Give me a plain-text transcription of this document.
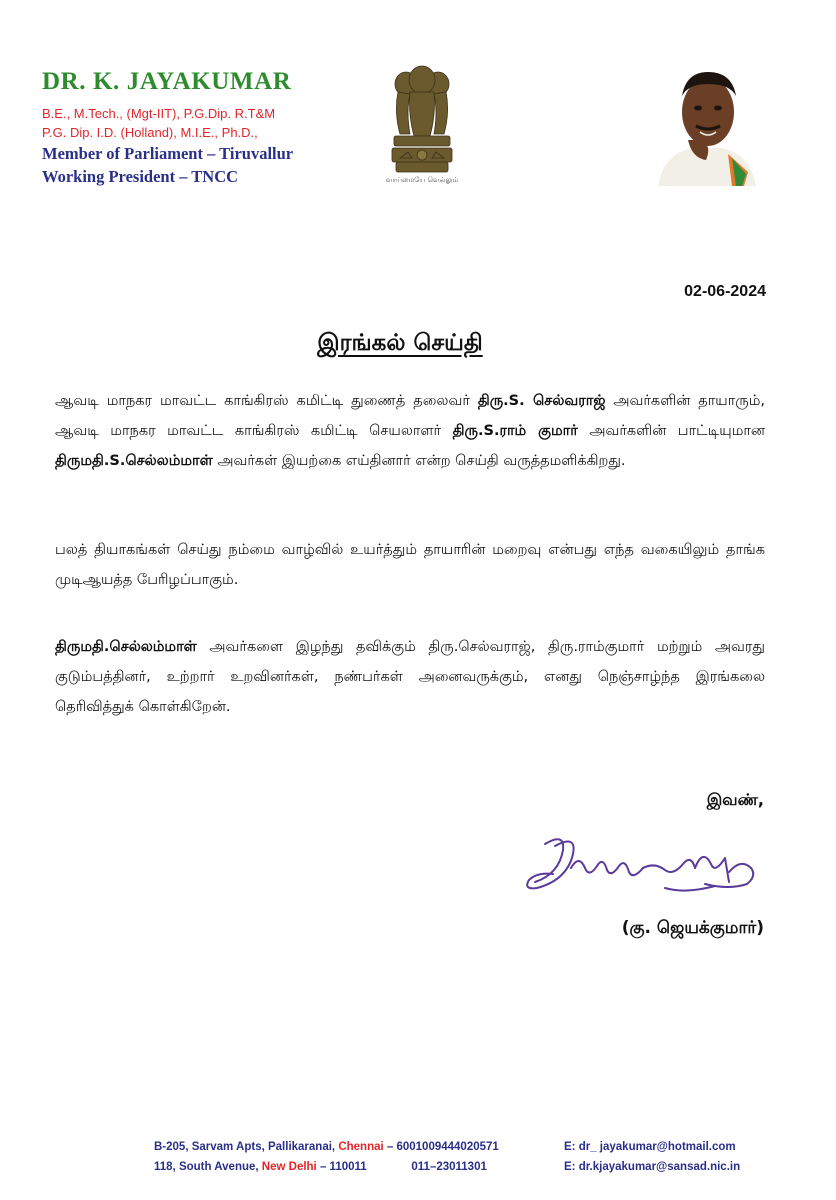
DR. K. JAYAKUMAR
B.E., M.Tech., (Mgt-IIT), P.G.Dip. R.T&M
P.G. Dip. I.D. (Holland), M.I.E., Ph.D.,
Member of Parliament – Tiruvallur
Working President – TNCC	வாய்மையே வெல்லும்
02-06-2024
இரங்கல் செய்தி
ஆவடி மாநகர மாவட்ட காங்கிரஸ் கமிட்டி துணைத் தலைவர் திரு.S. செல்வராஜ் அவர்களின் தாயாரும், ஆவடி மாநகர மாவட்ட காங்கிரஸ் கமிட்டி செயலாளர் திரு.S.ராம் குமார் அவர்களின் பாட்டியுமான திருமதி.S.செல்லம்மாள் அவர்கள் இயற்கை எய்தினார் என்ற செய்தி வருத்தமளிக்கிறது.
பலத் தியாகங்கள் செய்து நம்மை வாழ்வில் உயர்த்தும் தாயாரின் மறைவு என்பது எந்த வகையிலும் தாங்க முடிஆயத்த பேரிழப்பாகும்.
திருமதி.செல்லம்மாள் அவர்களை இழந்து தவிக்கும் திரு.செல்வராஜ், திரு.ராம்குமார் மற்றும் அவரது குடும்பத்தினர், உற்றார் உறவினர்கள், நண்பர்கள் அனைவருக்கும், எனது நெஞ்சாழ்ந்த இரங்கலை தெரிவித்துக் கொள்கிறேன்.
இவண்,
(கு. ஜெயக்குமார்)
B-205, Sarvam Apts, Pallikaranai, Chennai – 6001009444020571	E: dr_ jayakumar@hotmail.com
118, South Avenue, New Delhi – 110011              011–23011301	E: dr.kjayakumar@sansad.nic.in
